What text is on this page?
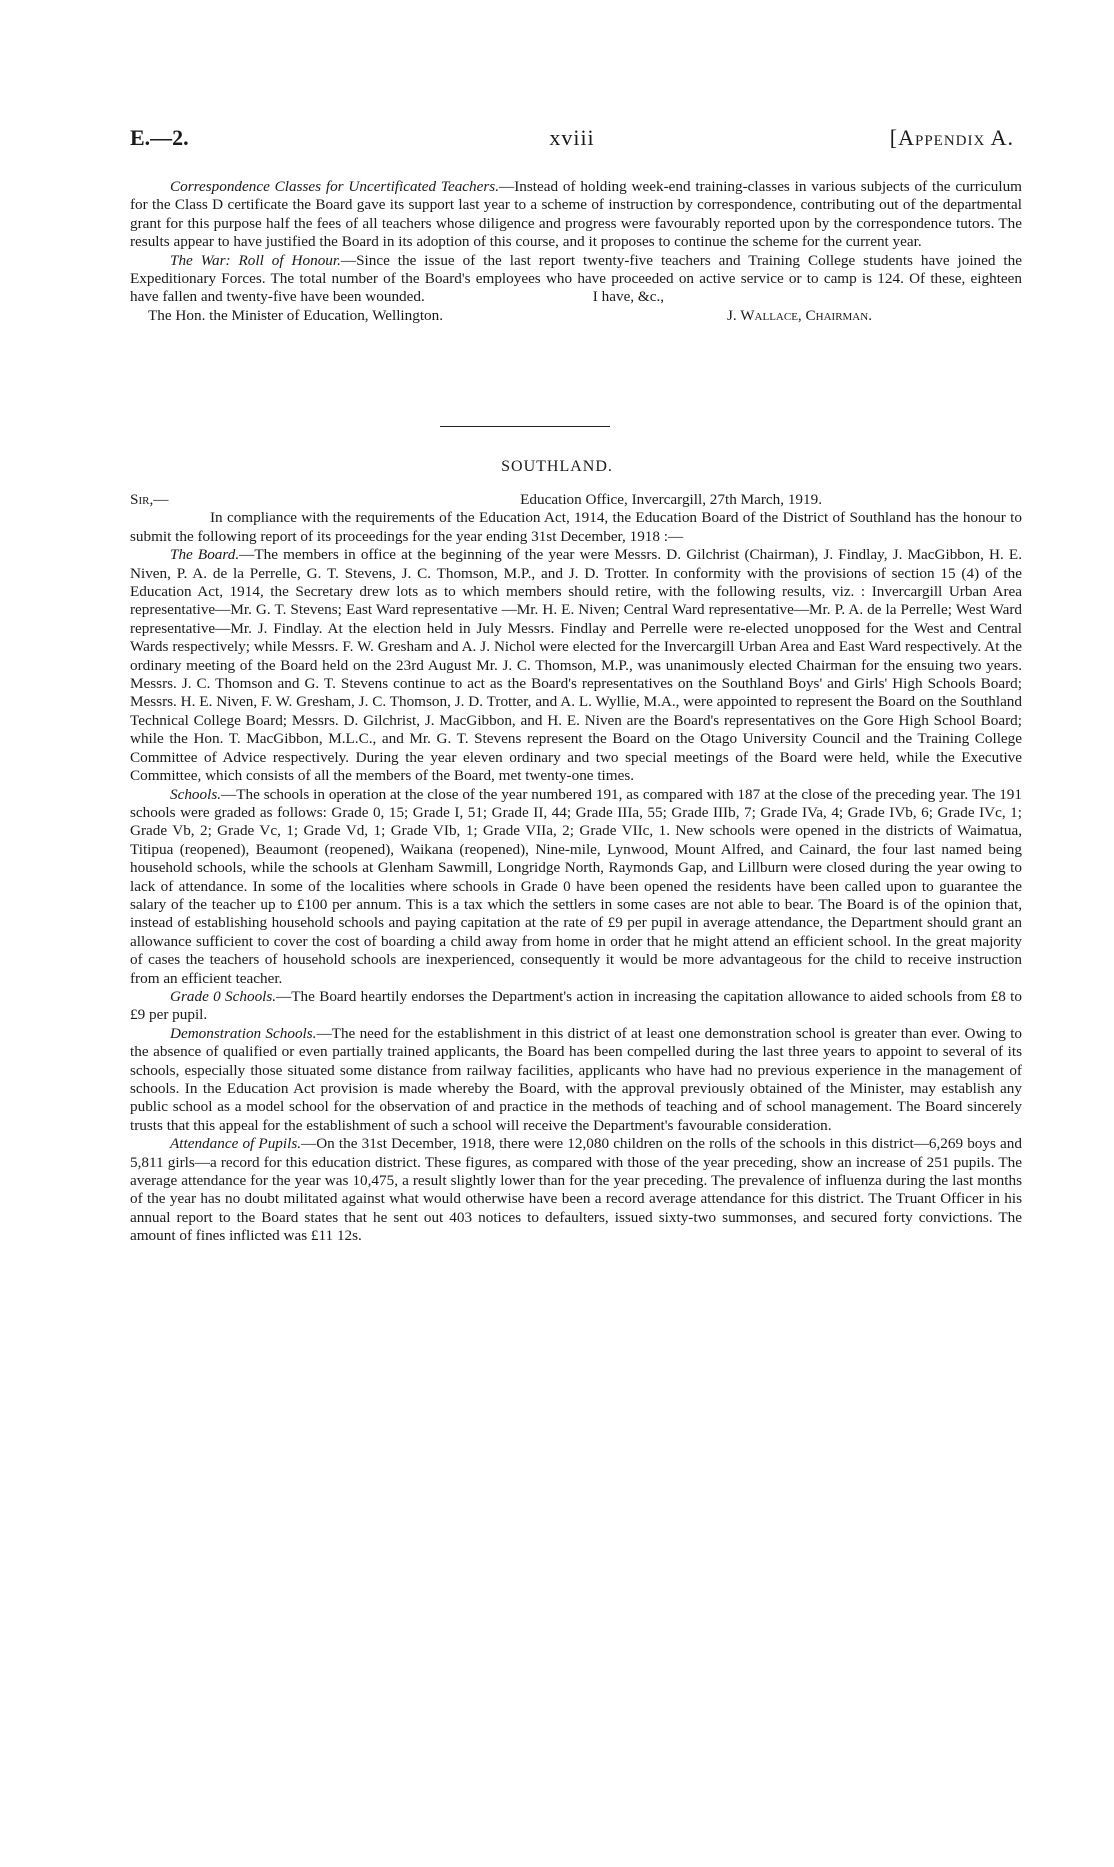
E.—2.	xviii	[Appendix A.

Correspondence Classes for Uncertificated Teachers.—Instead of holding week-end training-classes in various subjects of the curriculum for the Class D certificate the Board gave its support last year to a scheme of instruction by correspondence, contributing out of the departmental grant for this purpose half the fees of all teachers whose diligence and progress were favourably reported upon by the correspondence tutors. The results appear to have justified the Board in its adoption of this course, and it proposes to continue the scheme for the current year.

The War: Roll of Honour.—Since the issue of the last report twenty-five teachers and Training College students have joined the Expeditionary Forces. The total number of the Board's employees who have proceeded on active service or to camp is 124. Of these, eighteen have fallen and twenty-five have been wounded.	I have, &c.,

The Hon. the Minister of Education, Wellington.	J. Wallace, Chairman.
SOUTHLAND.
Sir,—	Education Office, Invercargill, 27th March, 1919.

In compliance with the requirements of the Education Act, 1914, the Education Board of the District of Southland has the honour to submit the following report of its proceedings for the year ending 31st December, 1918 :—

The Board.—The members in office at the beginning of the year were Messrs. D. Gilchrist (Chairman), J. Findlay, J. MacGibbon, H. E. Niven, P. A. de la Perrelle, G. T. Stevens, J. C. Thomson, M.P., and J. D. Trotter. In conformity with the provisions of section 15 (4) of the Education Act, 1914, the Secretary drew lots as to which members should retire, with the following results, viz. : Invercargill Urban Area representative—Mr. G. T. Stevens; East Ward representative —Mr. H. E. Niven; Central Ward representative—Mr. P. A. de la Perrelle; West Ward representative—Mr. J. Findlay. At the election held in July Messrs. Findlay and Perrelle were re-elected unopposed for the West and Central Wards respectively; while Messrs. F. W. Gresham and A. J. Nichol were elected for the Invercargill Urban Area and East Ward respectively. At the ordinary meeting of the Board held on the 23rd August Mr. J. C. Thomson, M.P., was unanimously elected Chairman for the ensuing two years. Messrs. J. C. Thomson and G. T. Stevens continue to act as the Board's representatives on the Southland Boys' and Girls' High Schools Board; Messrs. H. E. Niven, F. W. Gresham, J. C. Thomson, J. D. Trotter, and A. L. Wyllie, M.A., were appointed to represent the Board on the Southland Technical College Board; Messrs. D. Gilchrist, J. MacGibbon, and H. E. Niven are the Board's representatives on the Gore High School Board; while the Hon. T. MacGibbon, M.L.C., and Mr. G. T. Stevens represent the Board on the Otago University Council and the Training College Committee of Advice respectively. During the year eleven ordinary and two special meetings of the Board were held, while the Executive Committee, which consists of all the members of the Board, met twenty-one times.

Schools.—The schools in operation at the close of the year numbered 191, as compared with 187 at the close of the preceding year. The 191 schools were graded as follows: Grade 0, 15; Grade I, 51; Grade II, 44; Grade IIIa, 55; Grade IIIb, 7; Grade IVa, 4; Grade IVb, 6; Grade IVc, 1; Grade Vb, 2; Grade Vc, 1; Grade Vd, 1; Grade VIb, 1; Grade VIIa, 2; Grade VIIc, 1. New schools were opened in the districts of Waimatua, Titipua (reopened), Beaumont (reopened), Waikana (reopened), Nine-mile, Lynwood, Mount Alfred, and Cainard, the four last named being household schools, while the schools at Glenham Sawmill, Longridge North, Raymonds Gap, and Lillburn were closed during the year owing to lack of attendance. In some of the localities where schools in Grade 0 have been opened the residents have been called upon to guarantee the salary of the teacher up to £100 per annum. This is a tax which the settlers in some cases are not able to bear. The Board is of the opinion that, instead of establishing household schools and paying capitation at the rate of £9 per pupil in average attendance, the Department should grant an allowance sufficient to cover the cost of boarding a child away from home in order that he might attend an efficient school. In the great majority of cases the teachers of household schools are inexperienced, consequently it would be more advantageous for the child to receive instruction from an efficient teacher.

Grade 0 Schools.—The Board heartily endorses the Department's action in increasing the capitation allowance to aided schools from £8 to £9 per pupil.

Demonstration Schools.—The need for the establishment in this district of at least one demonstration school is greater than ever. Owing to the absence of qualified or even partially trained applicants, the Board has been compelled during the last three years to appoint to several of its schools, especially those situated some distance from railway facilities, applicants who have had no previous experience in the management of schools. In the Education Act provision is made whereby the Board, with the approval previously obtained of the Minister, may establish any public school as a model school for the observation of and practice in the methods of teaching and of school management. The Board sincerely trusts that this appeal for the establishment of such a school will receive the Department's favourable consideration.

Attendance of Pupils.—On the 31st December, 1918, there were 12,080 children on the rolls of the schools in this district—6,269 boys and 5,811 girls—a record for this education district. These figures, as compared with those of the year preceding, show an increase of 251 pupils. The average attendance for the year was 10,475, a result slightly lower than for the year preceding. The prevalence of influenza during the last months of the year has no doubt militated against what would otherwise have been a record average attendance for this district. The Truant Officer in his annual report to the Board states that he sent out 403 notices to defaulters, issued sixty-two summonses, and secured forty convictions. The amount of fines inflicted was £11 12s.
